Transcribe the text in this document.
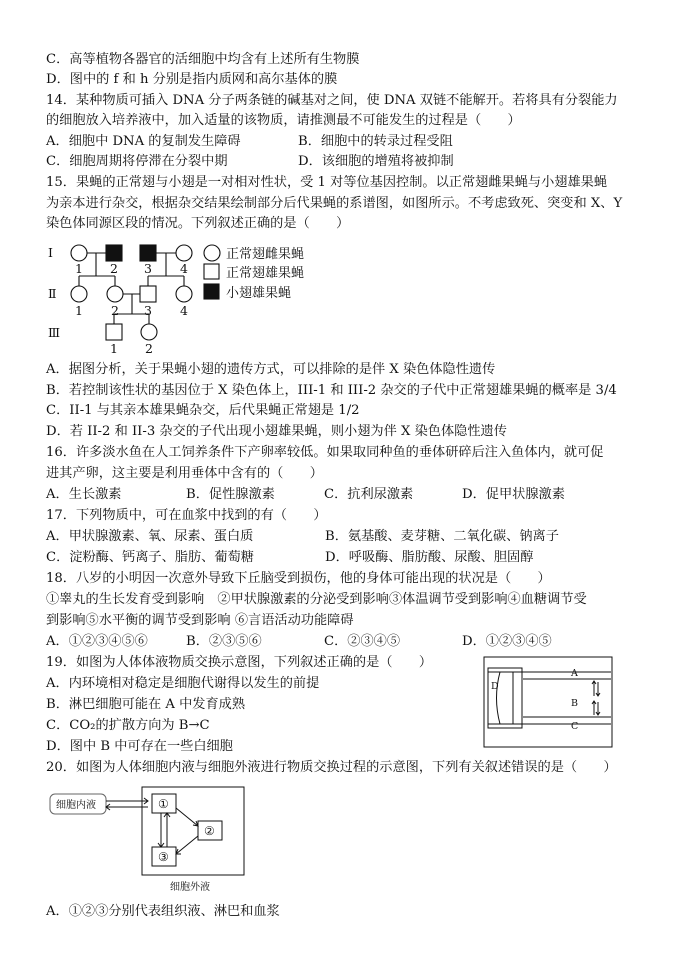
C．高等植物各器官的活细胞中均含有上述所有生物膜
D．图中的 f 和 h 分别是指内质网和高尔基体的膜
14．某种物质可插入 DNA 分子两条链的碱基对之间，使 DNA 双链不能解开。若将具有分裂能力
的细胞放入培养液中，加入适量的该物质，请推测最不可能发生的过程是（　　）
A．细胞中 DNA 的复制发生障碍	B．细胞中的转录过程受阻
C．细胞周期将停滞在分裂中期	D．该细胞的增殖将被抑制
15．果蝇的正常翅与小翅是一对相对性状，受 1 对等位基因控制。以正常翅雌果蝇与小翅雄果蝇
为亲本进行杂交，根据杂交结果绘制部分后代果蝇的系谱图，如图所示。不考虑致死、突变和 X、Y
染色体同源区段的情况。下列叙述正确的是（　　）
I
Ⅱ
Ⅲ
1 2 3 4
1 2 3 4
1 2
正常翅雌果蝇
正常翅雄果蝇
小翅雄果蝇
A．据图分析，关于果蝇小翅的遗传方式，可以排除的是伴 X 染色体隐性遗传
B．若控制该性状的基因位于 X 染色体上，III-1 和 III-2 杂交的子代中正常翅雄果蝇的概率是 3/4
C．II-1 与其亲本雄果蝇杂交，后代果蝇正常翅是 1/2
D．若 II-2 和 II-3 杂交的子代出现小翅雄果蝇，则小翅为伴 X 染色体隐性遗传
16．许多淡水鱼在人工饲养条件下产卵率较低。如果取同种鱼的垂体研碎后注入鱼体内，就可促
进其产卵，这主要是利用垂体中含有的（　　）
A．生长激素	B．促性腺激素	C．抗利尿激素	D．促甲状腺激素
17．下列物质中，可在血浆中找到的有（　　）
A．甲状腺激素、氧、尿素、蛋白质	B．氨基酸、麦芽糖、二氧化碳、钠离子
C．淀粉酶、钙离子、脂肪、葡萄糖	D．呼吸酶、脂肪酸、尿酸、胆固醇
18．八岁的小明因一次意外导致下丘脑受到损伤，他的身体可能出现的状况是（　　）
①睾丸的生长发育受到影响　②甲状腺激素的分泌受到影响③体温调节受到影响④血糖调节受
到影响⑤水平衡的调节受到影响 ⑥言语活动功能障碍
A．①②③④⑤⑥	B．②③⑤⑥	C．②③④⑤	D．①②③④⑤
19．如图为人体体液物质交换示意图，下列叙述正确的是（　　）
A．内环境相对稳定是细胞代谢得以发生的前提
B．淋巴细胞可能在 A 中发育成熟
C．CO₂的扩散方向为 B→C
D．图中 B 中可存在一些白细胞
A
B
C
D
20．如图为人体细胞内液与细胞外液进行物质交换过程的示意图，下列有关叙述错误的是（　　）
细胞内液	①
②
③
细胞外液
A．①②③分别代表组织液、淋巴和血浆
